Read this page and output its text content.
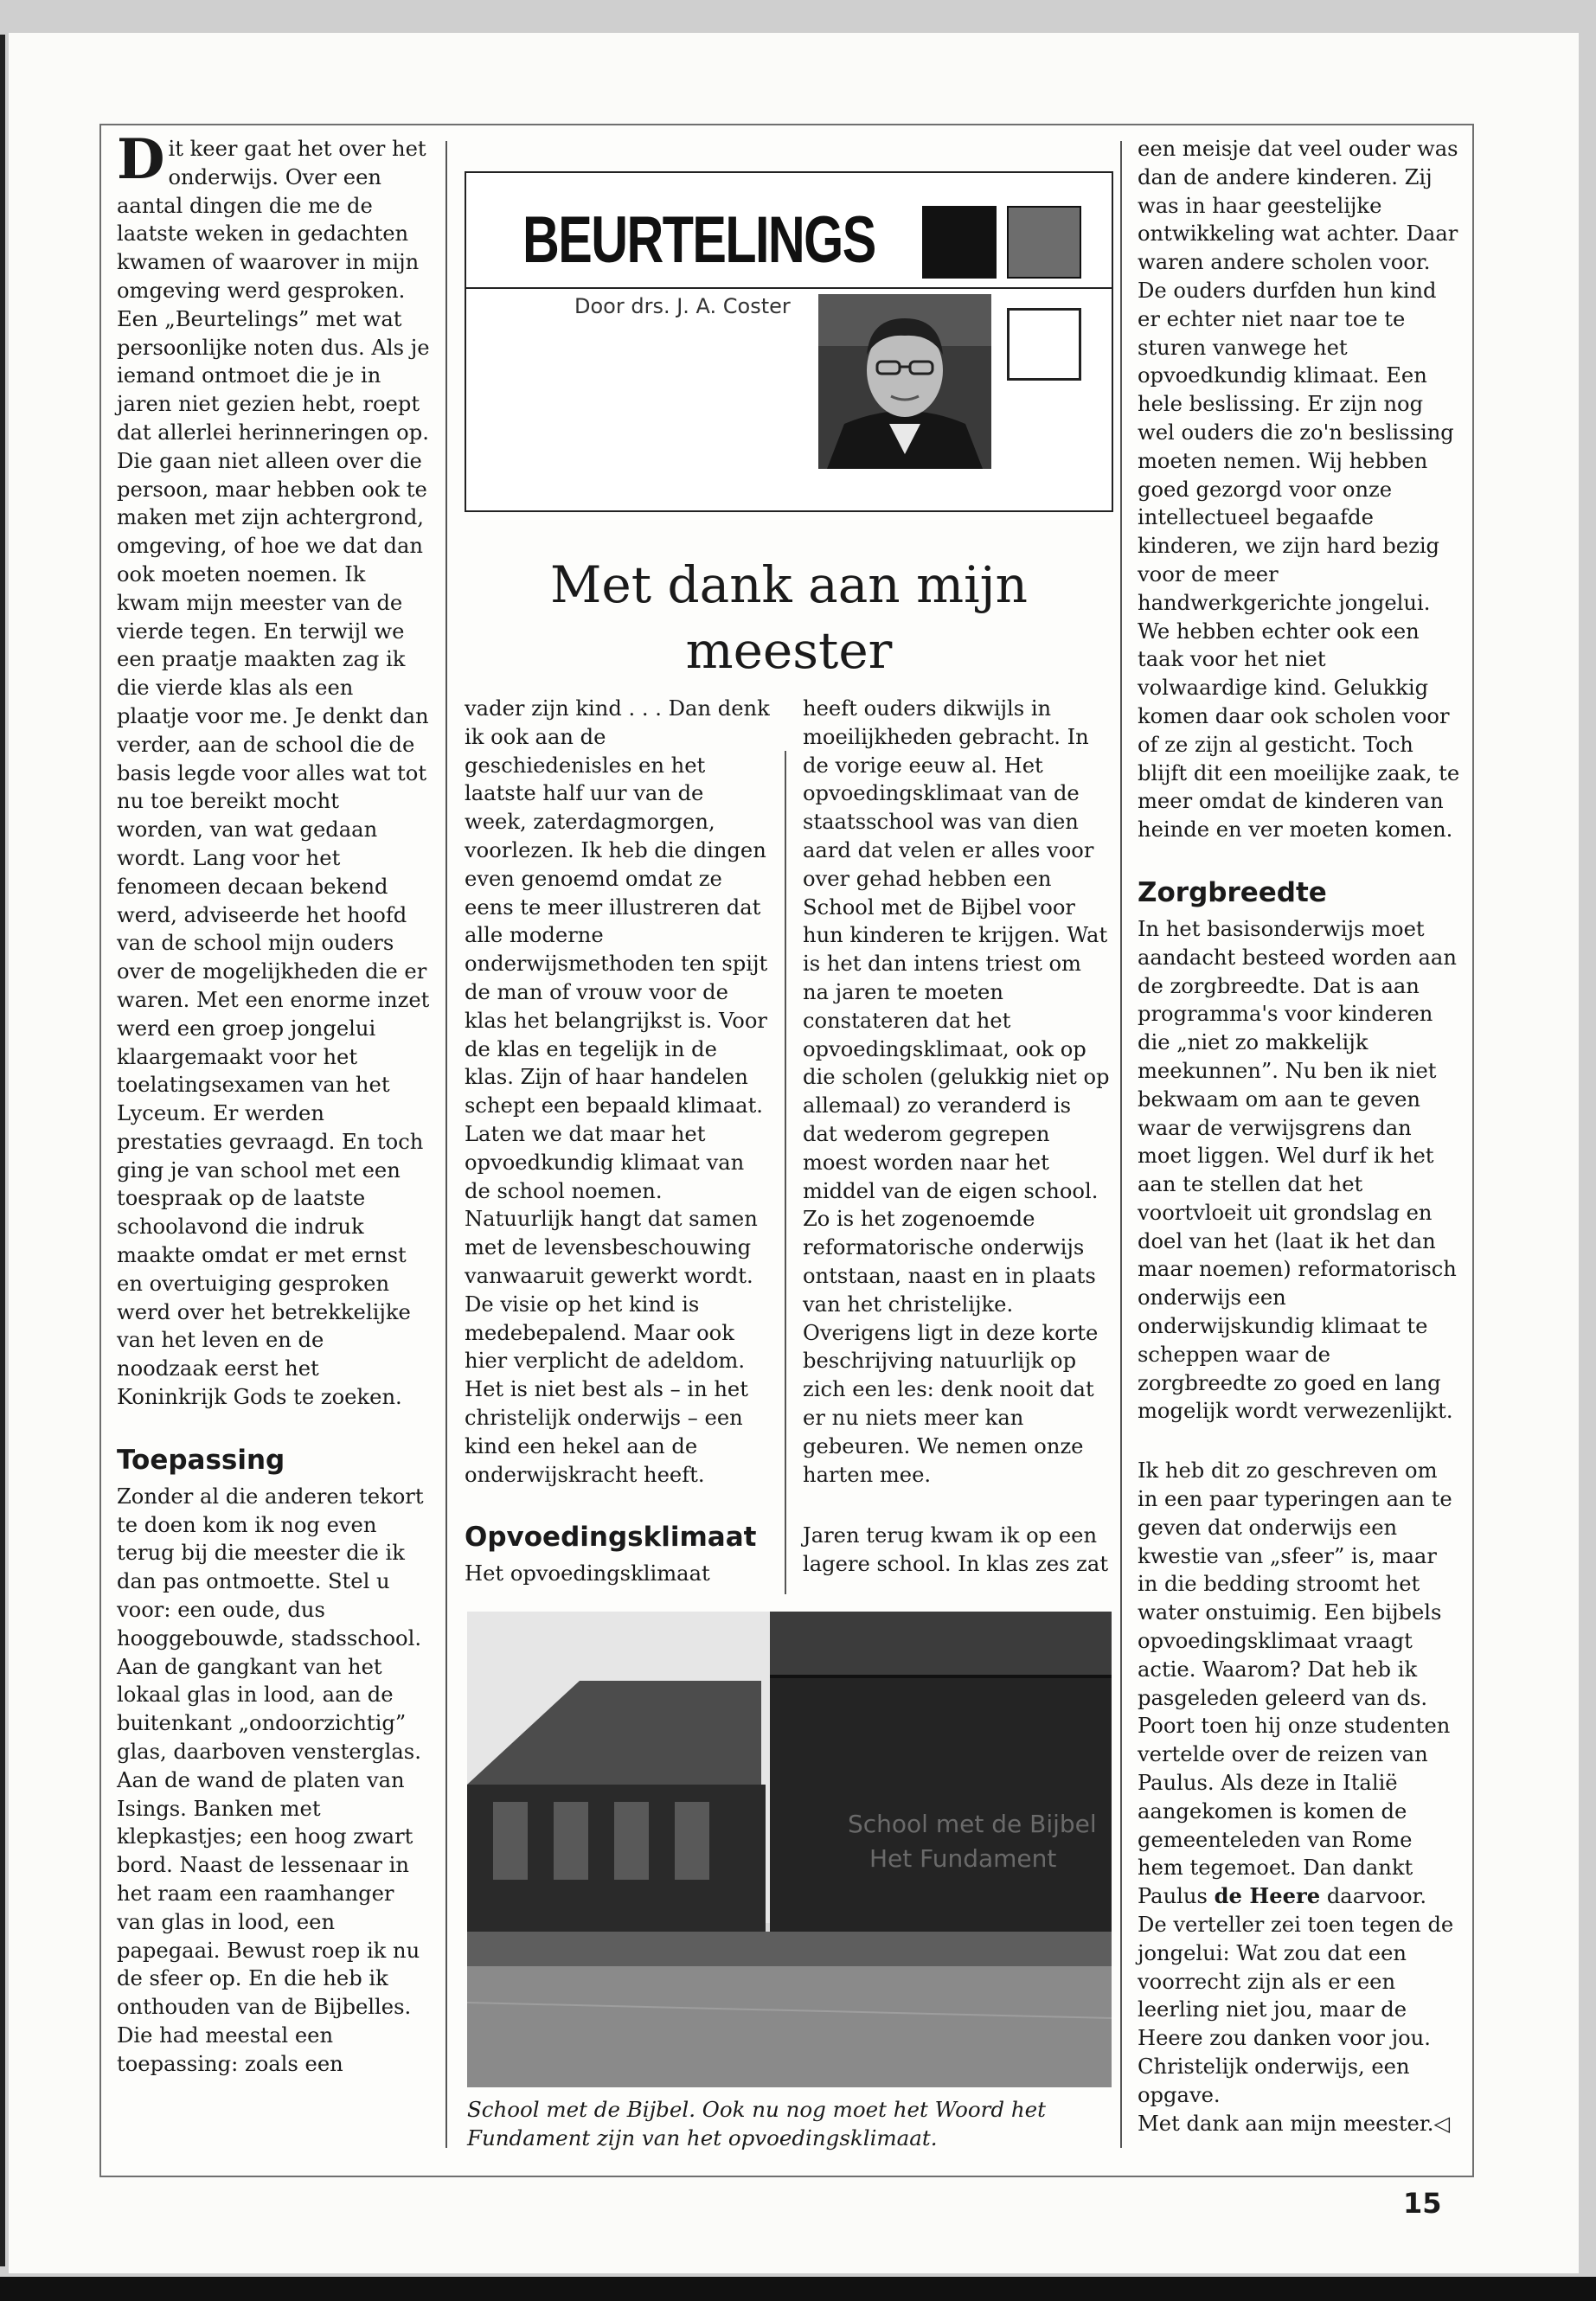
Dit keer gaat het over het onderwijs. Over een aantal dingen die me de laatste weken in gedachten kwamen of waarover in mijn omgeving werd gesproken. Een „Beurtelings” met wat persoonlijke noten dus. Als je iemand ontmoet die je in jaren niet gezien hebt, roept dat allerlei herinneringen op. Die gaan niet alleen over die persoon, maar hebben ook te maken met zijn achtergrond, omgeving, of hoe we dat dan ook moeten noemen. Ik kwam mijn meester van de vierde tegen. En terwijl we een praatje maakten zag ik die vierde klas als een plaatje voor me. Je denkt dan verder, aan de school die de basis legde voor alles wat tot nu toe bereikt mocht worden, van wat gedaan wordt. Lang voor het fenomeen decaan bekend werd, adviseerde het hoofd van de school mijn ouders over de mogelijkheden die er waren. Met een enorme inzet werd een groep jongelui klaargemaakt voor het toelatingsexamen van het Lyceum. Er werden prestaties gevraagd. En toch ging je van school met een toespraak op de laatste schoolavond die indruk maakte omdat er met ernst en overtuiging gesproken werd over het betrekkelijke van het leven en de noodzaak eerst het Koninkrijk Gods te zoeken.

Toepassing

Zonder al die anderen tekort te doen kom ik nog even terug bij die meester die ik dan pas ontmoette. Stel u voor: een oude, dus hooggebouwde, stadsschool. Aan de gangkant van het lokaal glas in lood, aan de buitenkant „ondoorzichtig” glas, daarboven vensterglas. Aan de wand de platen van Isings. Banken met klepkastjes; een hoog zwart bord. Naast de lessenaar in het raam een raamhanger van glas in lood, een papegaai. Bewust roep ik nu de sfeer op. En die heb ik onthouden van de Bijbelles. Die had meestal een toepassing: zoals een

BEURTELINGS
Door drs. J. A. Coster
Met dank aan mijn
meester

vader zijn kind . . . Dan denk ik ook aan de geschiedenisles en het laatste half uur van de week, zaterdagmorgen, voorlezen. Ik heb die dingen even genoemd omdat ze eens te meer illustreren dat alle moderne onderwijsmethoden ten spijt de man of vrouw voor de klas het belangrijkst is. Voor de klas en tegelijk in de klas. Zijn of haar handelen schept een bepaald klimaat. Laten we dat maar het opvoedkundig klimaat van de school noemen. Natuurlijk hangt dat samen met de levensbeschouwing vanwaaruit gewerkt wordt. De visie op het kind is medebepalend. Maar ook hier verplicht de adeldom. Het is niet best als – in het christelijk onderwijs – een kind een hekel aan de onderwijskracht heeft.

Opvoedingsklimaat

Het opvoedingsklimaat

heeft ouders dikwijls in moeilijkheden gebracht. In de vorige eeuw al. Het opvoedingsklimaat van de staatsschool was van dien aard dat velen er alles voor over gehad hebben een School met de Bijbel voor hun kinderen te krijgen. Wat is het dan intens triest om na jaren te moeten constateren dat het opvoedingsklimaat, ook op die scholen (gelukkig niet op allemaal) zo veranderd is dat wederom gegrepen moest worden naar het middel van de eigen school. Zo is het zogenoemde reformatorische onderwijs ontstaan, naast en in plaats van het christelijke. Overigens ligt in deze korte beschrijving natuurlijk op zich een les: denk nooit dat er nu niets meer kan gebeuren. We nemen onze harten mee.

Jaren terug kwam ik op een lagere school. In klas zes zat

School met de Bijbel
Het Fundament
School met de Bijbel. Ook nu nog moet het Woord het Fundament zijn van het opvoedingsklimaat.

een meisje dat veel ouder was dan de andere kinderen. Zij was in haar geestelijke ontwikkeling wat achter. Daar waren andere scholen voor. De ouders durfden hun kind er echter niet naar toe te sturen vanwege het opvoedkundig klimaat. Een hele beslissing. Er zijn nog wel ouders die zo'n beslissing moeten nemen. Wij hebben goed gezorgd voor onze intellectueel begaafde kinderen, we zijn hard bezig voor de meer handwerkgerichte jongelui. We hebben echter ook een taak voor het niet volwaardige kind. Gelukkig komen daar ook scholen voor of ze zijn al gesticht. Toch blijft dit een moeilijke zaak, te meer omdat de kinderen van heinde en ver moeten komen.

Zorgbreedte

In het basisonderwijs moet aandacht besteed worden aan de zorgbreedte. Dat is aan programma's voor kinderen die „niet zo makkelijk meekunnen”. Nu ben ik niet bekwaam om aan te geven waar de verwijsgrens dan moet liggen. Wel durf ik het aan te stellen dat het voortvloeit uit grondslag en doel van het (laat ik het dan maar noemen) reformatorisch onderwijs een onderwijskundig klimaat te scheppen waar de zorgbreedte zo goed en lang mogelijk wordt verwezenlijkt.

Ik heb dit zo geschreven om in een paar typeringen aan te geven dat onderwijs een kwestie van „sfeer” is, maar in die bedding stroomt het water onstuimig. Een bijbels opvoedingsklimaat vraagt actie. Waarom? Dat heb ik pasgeleden geleerd van ds. Poort toen hij onze studenten vertelde over de reizen van Paulus. Als deze in Italië aangekomen is komen de gemeenteleden van Rome hem tegemoet. Dan dankt Paulus de Heere daarvoor. De verteller zei toen tegen de jongelui: Wat zou dat een voorrecht zijn als er een leerling niet jou, maar de Heere zou danken voor jou. Christelijk onderwijs, een opgave.

Met dank aan mijn meester.◁

15
